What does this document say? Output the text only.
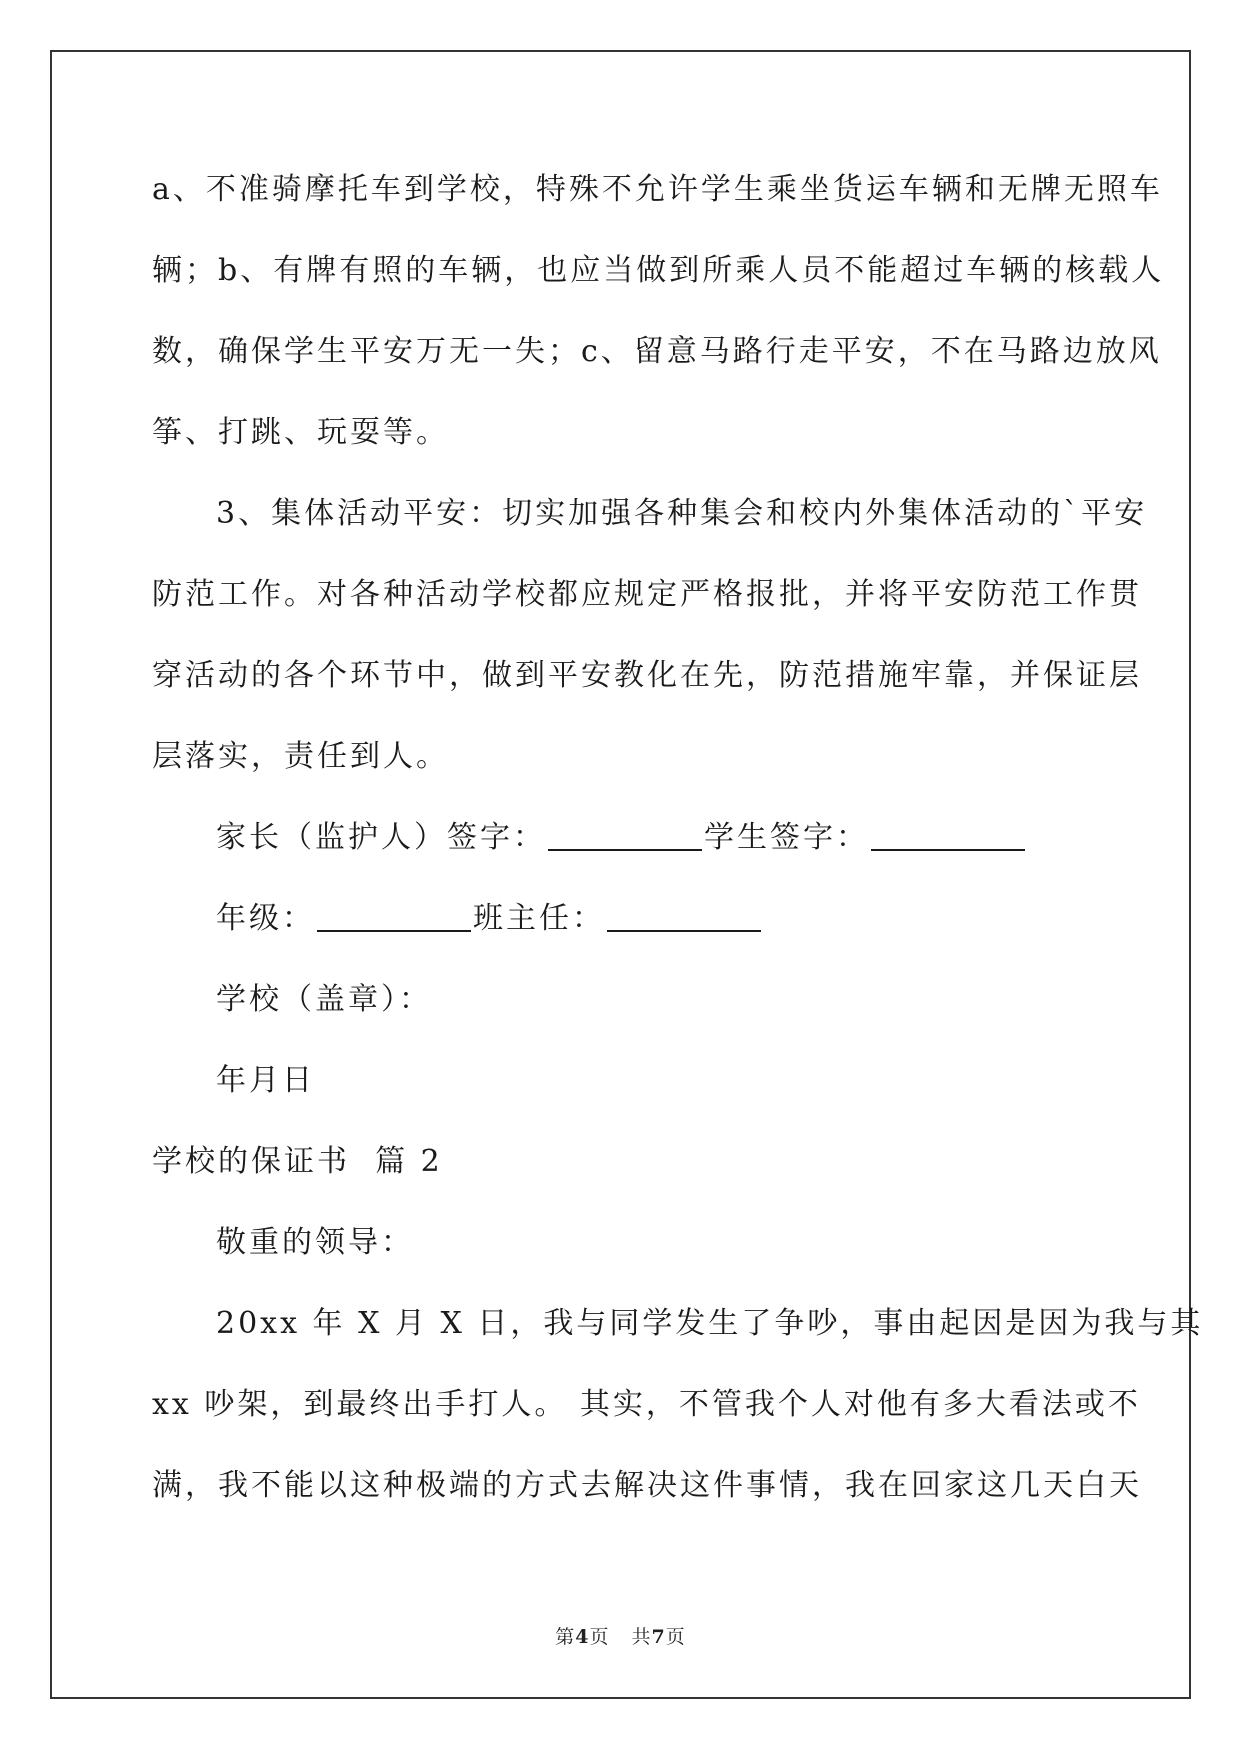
a、不准骑摩托车到学校，特殊不允许学生乘坐货运车辆和无牌无照车
辆；b、有牌有照的车辆，也应当做到所乘人员不能超过车辆的核载人
数，确保学生平安万无一失；c、留意马路行走平安，不在马路边放风
筝、打跳、玩耍等。
3、集体活动平安：切实加强各种集会和校内外集体活动的`平安
防范工作。对各种活动学校都应规定严格报批，并将平安防范工作贯
穿活动的各个环节中，做到平安教化在先，防范措施牢靠，并保证层
层落实，责任到人。
家长（监护人）签字：	学生签字：
年级：	班主任：
学校（盖章）：
年月日
学校的保证书  篇 2
敬重的领导：
20xx 年 X 月 X 日，我与同学发生了争吵，事由起因是因为我与其
xx 吵架，到最终出手打人。 其实，不管我个人对他有多大看法或不
满，我不能以这种极端的方式去解决这件事情，我在回家这几天白天
第4页 共7页
